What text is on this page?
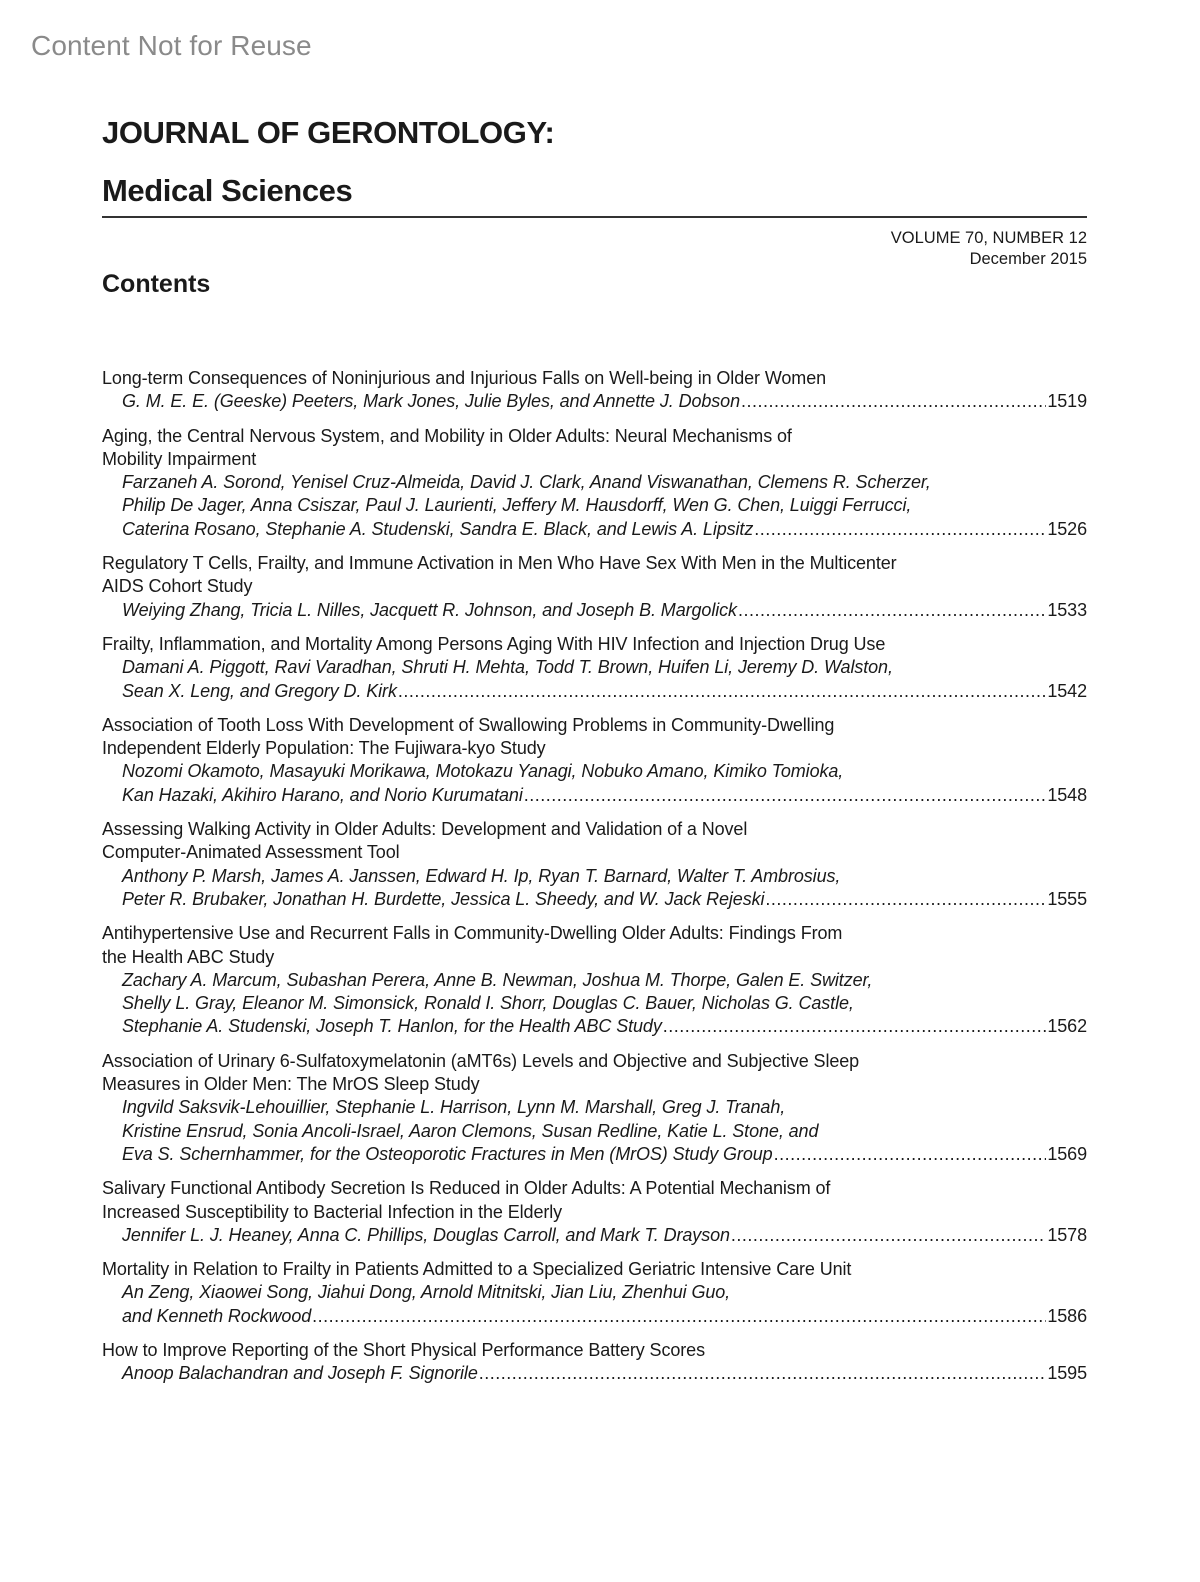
Content Not for Reuse
JOURNAL OF GERONTOLOGY:
Medical Sciences
VOLUME 70, NUMBER 12
December 2015
Contents
Long-term Consequences of Noninjurious and Injurious Falls on Well-being in Older Women
G. M. E. E. (Geeske) Peeters, Mark Jones, Julie Byles, and Annette J. Dobson .....	1519
Aging, the Central Nervous System, and Mobility in Older Adults: Neural Mechanisms of
Mobility Impairment
Farzaneh A. Sorond, Yenisel Cruz-Almeida, David J. Clark, Anand Viswanathan, Clemens R. Scherzer,
Philip De Jager, Anna Csiszar, Paul J. Laurienti, Jeffery M. Hausdorff, Wen G. Chen, Luiggi Ferrucci,
Caterina Rosano, Stephanie A. Studenski, Sandra E. Black, and Lewis A. Lipsitz .....	1526
Regulatory T Cells, Frailty, and Immune Activation in Men Who Have Sex With Men in the Multicenter
AIDS Cohort Study
Weiying Zhang, Tricia L. Nilles, Jacquett R. Johnson, and Joseph B. Margolick .....	1533
Frailty, Inflammation, and Mortality Among Persons Aging With HIV Infection and Injection Drug Use
Damani A. Piggott, Ravi Varadhan, Shruti H. Mehta, Todd T. Brown, Huifen Li, Jeremy D. Walston,
Sean X. Leng, and Gregory D. Kirk .....	1542
Association of Tooth Loss With Development of Swallowing Problems in Community-Dwelling
Independent Elderly Population: The Fujiwara-kyo Study
Nozomi Okamoto, Masayuki Morikawa, Motokazu Yanagi, Nobuko Amano, Kimiko Tomioka,
Kan Hazaki, Akihiro Harano, and Norio Kurumatani .....	1548
Assessing Walking Activity in Older Adults: Development and Validation of a Novel
Computer-Animated Assessment Tool
Anthony P. Marsh, James A. Janssen, Edward H. Ip, Ryan T. Barnard, Walter T. Ambrosius,
Peter R. Brubaker, Jonathan H. Burdette, Jessica L. Sheedy, and W. Jack Rejeski .....	1555
Antihypertensive Use and Recurrent Falls in Community-Dwelling Older Adults: Findings From
the Health ABC Study
Zachary A. Marcum, Subashan Perera, Anne B. Newman, Joshua M. Thorpe, Galen E. Switzer,
Shelly L. Gray, Eleanor M. Simonsick, Ronald I. Shorr, Douglas C. Bauer, Nicholas G. Castle,
Stephanie A. Studenski, Joseph T. Hanlon, for the Health ABC Study .....	1562
Association of Urinary 6-Sulfatoxymelatonin (aMT6s) Levels and Objective and Subjective Sleep
Measures in Older Men: The MrOS Sleep Study
Ingvild Saksvik-Lehouillier, Stephanie L. Harrison, Lynn M. Marshall, Greg J. Tranah,
Kristine Ensrud, Sonia Ancoli-Israel, Aaron Clemons, Susan Redline, Katie L. Stone, and
Eva S. Schernhammer, for the Osteoporotic Fractures in Men (MrOS) Study Group .....	1569
Salivary Functional Antibody Secretion Is Reduced in Older Adults: A Potential Mechanism of
Increased Susceptibility to Bacterial Infection in the Elderly
Jennifer L. J. Heaney, Anna C. Phillips, Douglas Carroll, and Mark T. Drayson .....	1578
Mortality in Relation to Frailty in Patients Admitted to a Specialized Geriatric Intensive Care Unit
An Zeng, Xiaowei Song, Jiahui Dong, Arnold Mitnitski, Jian Liu, Zhenhui Guo,
and Kenneth Rockwood .....	1586
How to Improve Reporting of the Short Physical Performance Battery Scores
Anoop Balachandran and Joseph F. Signorile .....	1595
